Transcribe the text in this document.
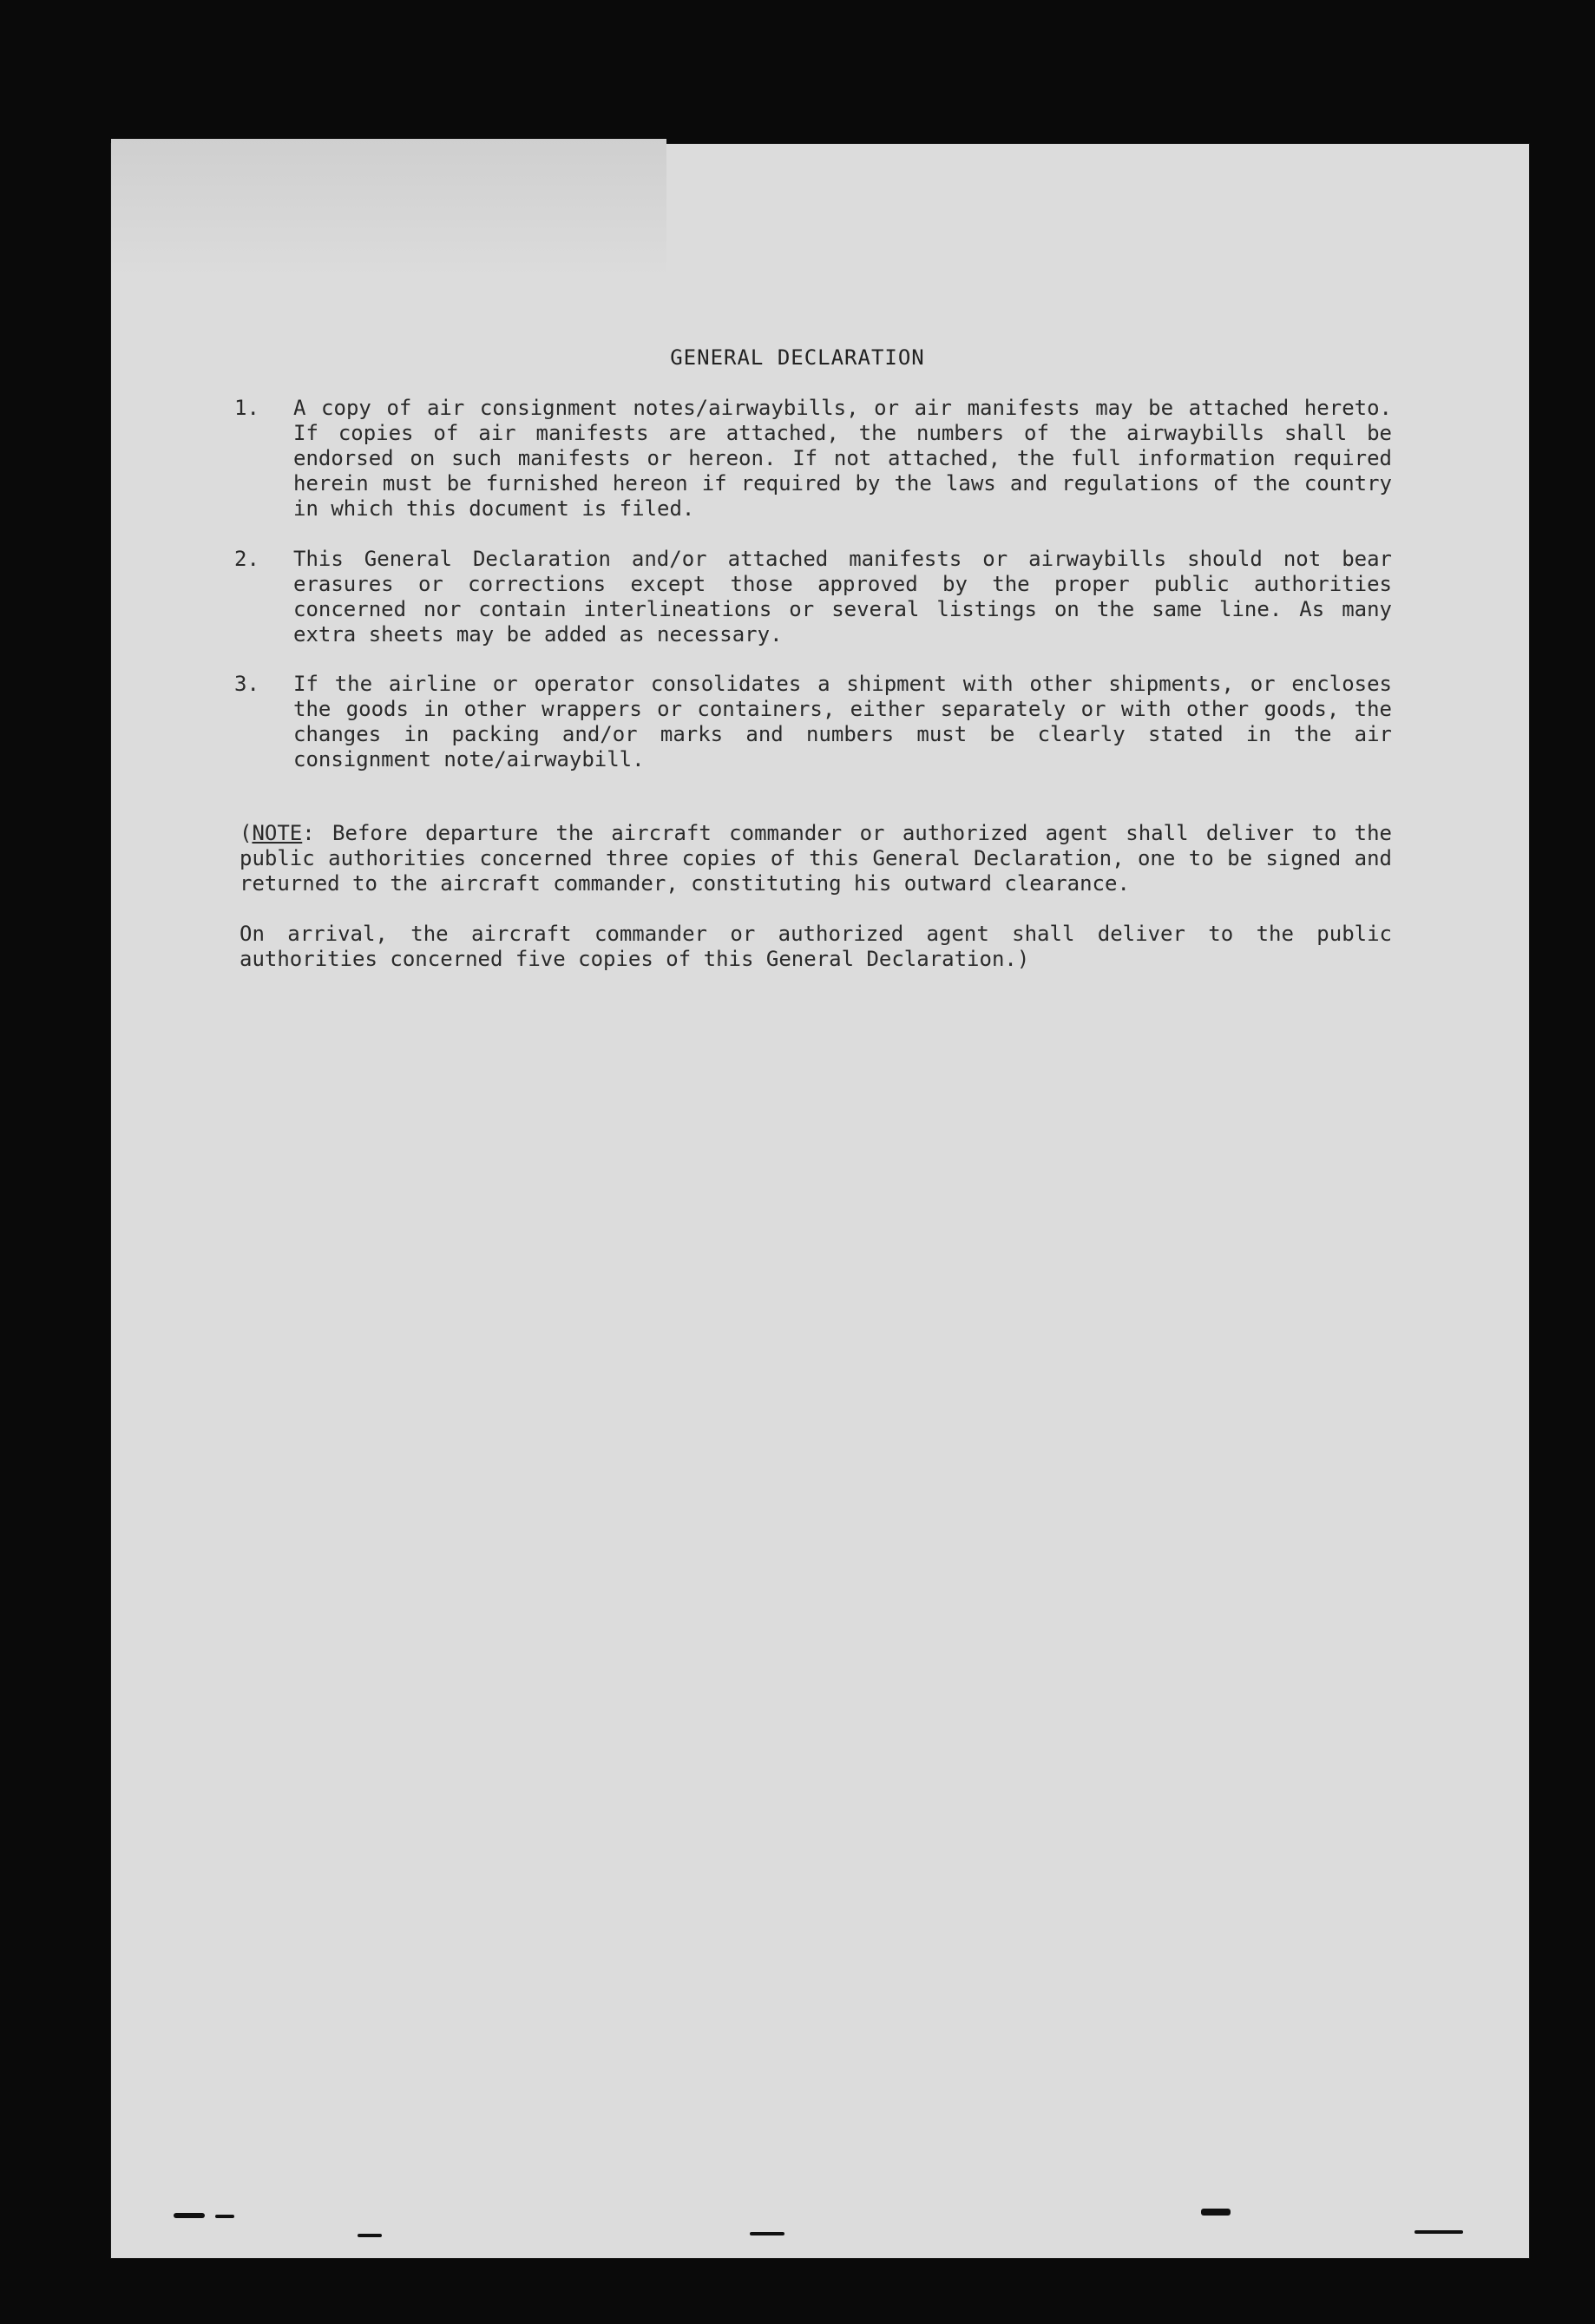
GENERAL DECLARATION
1. A copy of air consignment notes/airwaybills, or air manifests may be attached hereto. If copies of air manifests are attached, the numbers of the airwaybills shall be endorsed on such manifests or hereon. If not attached, the full information required herein must be furnished hereon if required by the laws and regulations of the country in which this document is filed.
2. This General Declaration and/or attached manifests or airwaybills should not bear erasures or corrections except those approved by the proper public authorities concerned nor contain interlineations or several listings on the same line. As many extra sheets may be added as necessary.
3. If the airline or operator consolidates a shipment with other shipments, or encloses the goods in other wrappers or containers, either separately or with other goods, the changes in packing and/or marks and numbers must be clearly stated in the air consignment note/airwaybill.
(NOTE: Before departure the aircraft commander or authorized agent shall deliver to the public authorities concerned three copies of this General Declaration, one to be signed and returned to the aircraft commander, constituting his outward clearance.
On arrival, the aircraft commander or authorized agent shall deliver to the public authorities concerned five copies of this General Declaration.)
